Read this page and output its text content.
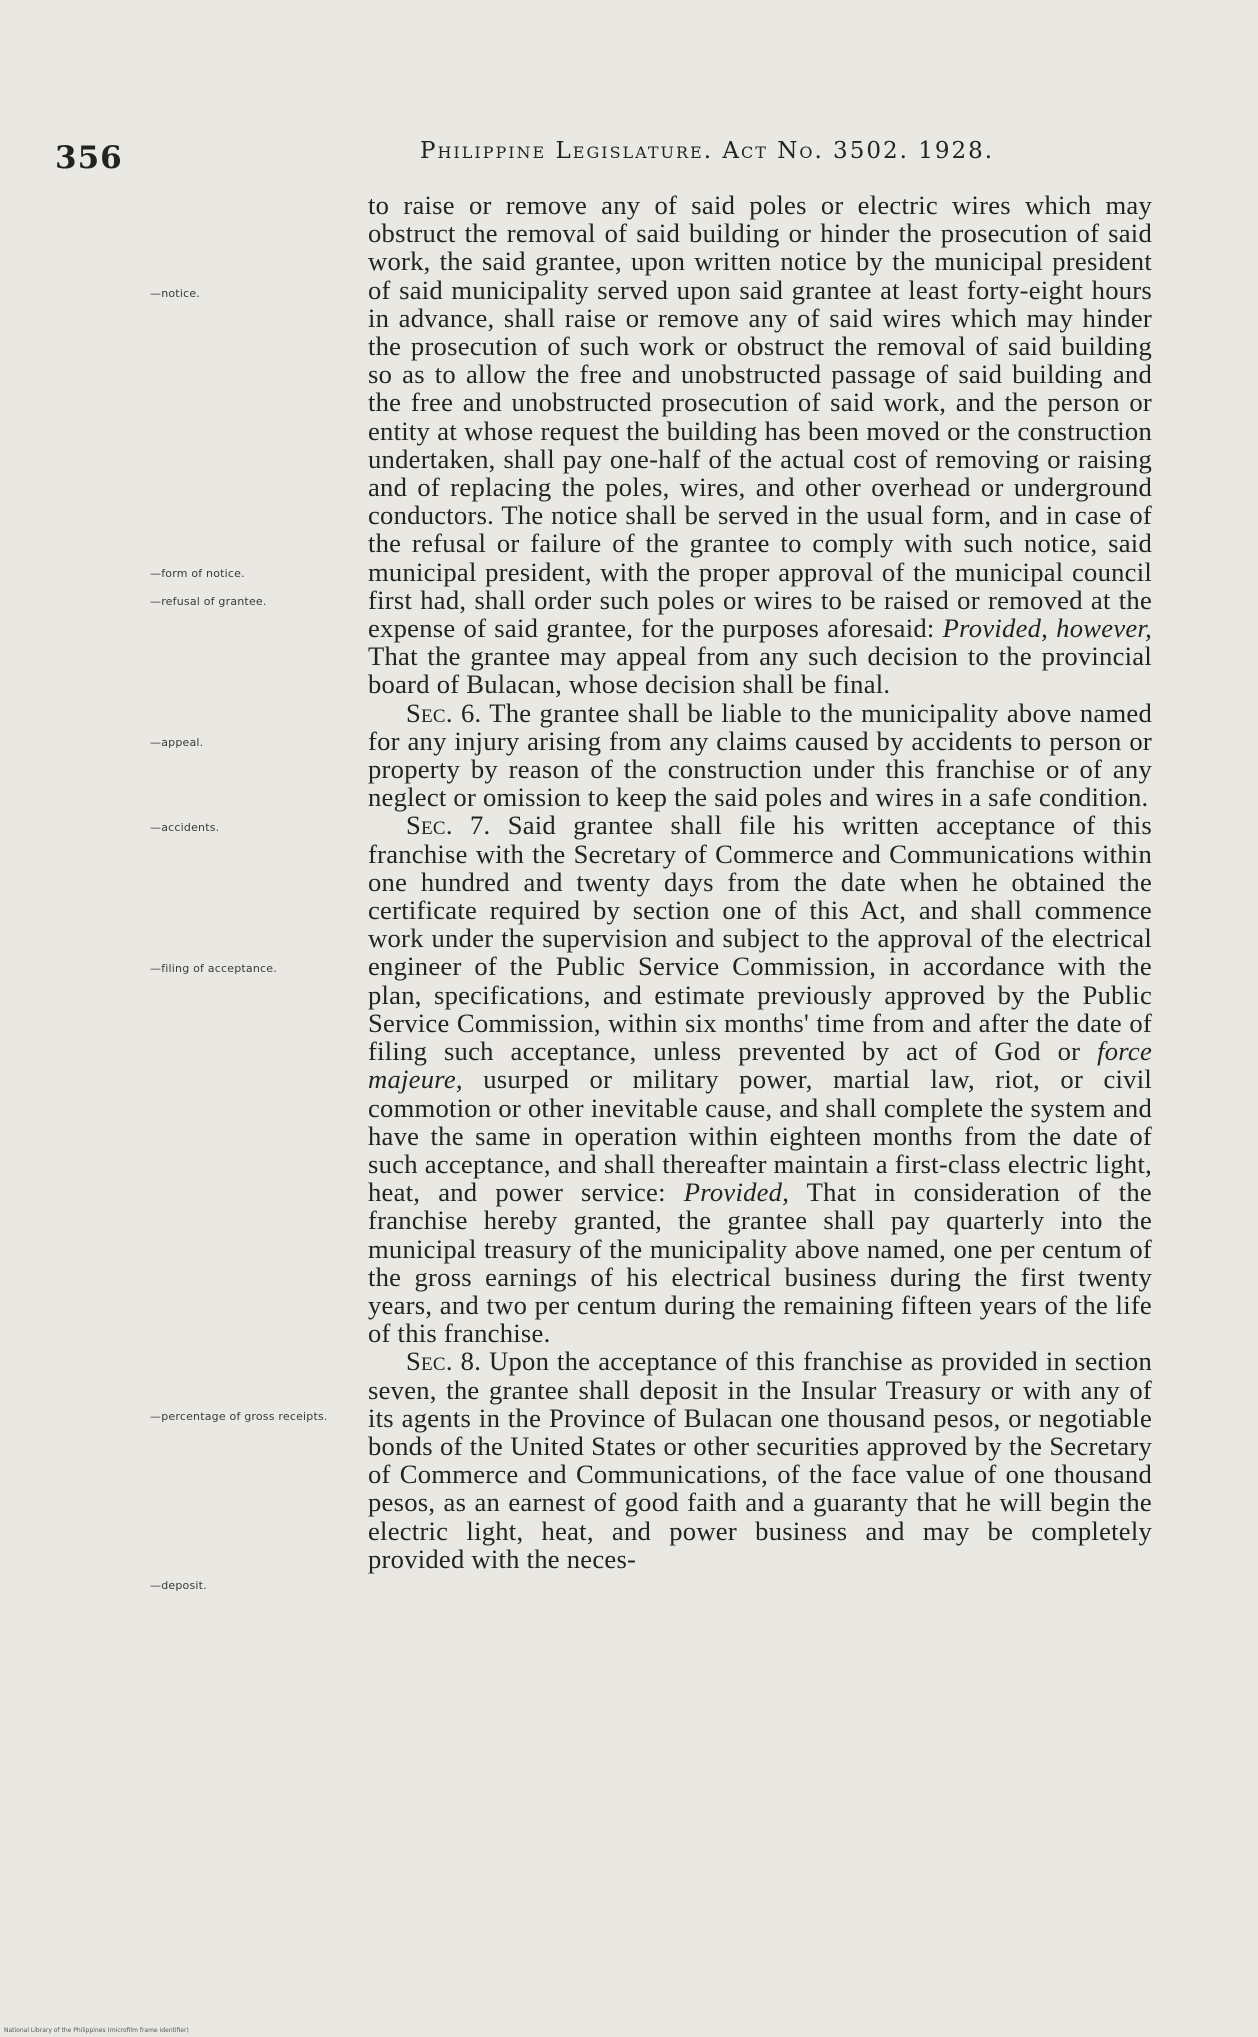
356	Philippine Legislature. Act No. 3502. 1928.
—notice.
—form of notice.
—refusal of grantee.
—appeal.
—accidents.
—filing of acceptance.
—percentage of gross receipts.
—deposit.

to raise or remove any of said poles or electric wires which may obstruct the removal of said building or hinder the prosecution of said work, the said grantee, upon written notice by the municipal president of said municipality served upon said grantee at least forty-eight hours in advance, shall raise or remove any of said wires which may hinder the prosecution of such work or obstruct the removal of said building so as to allow the free and unobstructed passage of said building and the free and unobstructed prosecution of said work, and the person or entity at whose request the building has been moved or the construction undertaken, shall pay one-half of the actual cost of removing or raising and of replacing the poles, wires, and other overhead or underground conductors. The notice shall be served in the usual form, and in case of the refusal or failure of the grantee to comply with such notice, said municipal president, with the proper approval of the municipal council first had, shall order such poles or wires to be raised or removed at the expense of said grantee, for the purposes aforesaid: Provided, however, That the grantee may appeal from any such decision to the provincial board of Bulacan, whose decision shall be final.

Sec. 6. The grantee shall be liable to the municipality above named for any injury arising from any claims caused by accidents to person or property by reason of the construction under this franchise or of any neglect or omission to keep the said poles and wires in a safe condition.

Sec. 7. Said grantee shall file his written acceptance of this franchise with the Secretary of Commerce and Communications within one hundred and twenty days from the date when he obtained the certificate required by section one of this Act, and shall commence work under the supervision and subject to the approval of the electrical engineer of the Public Service Commission, in accordance with the plan, specifications, and estimate previously approved by the Public Service Commission, within six months' time from and after the date of filing such acceptance, unless prevented by act of God or force majeure, usurped or military power, martial law, riot, or civil commotion or other inevitable cause, and shall complete the system and have the same in operation within eighteen months from the date of such acceptance, and shall thereafter maintain a first-class electric light, heat, and power service: Provided, That in consideration of the franchise hereby granted, the grantee shall pay quarterly into the municipal treasury of the municipality above named, one per centum of the gross earnings of his electrical business during the first twenty years, and two per centum during the remaining fifteen years of the life of this franchise.

Sec. 8. Upon the acceptance of this franchise as provided in section seven, the grantee shall deposit in the Insular Treasury or with any of its agents in the Province of Bulacan one thousand pesos, or negotiable bonds of the United States or other securities approved by the Secretary of Commerce and Communications, of the face value of one thousand pesos, as an earnest of good faith and a guaranty that he will begin the electric light, heat, and power business and may be completely provided with the neces-

National Library of the Philippines (microfilm frame identifier)
